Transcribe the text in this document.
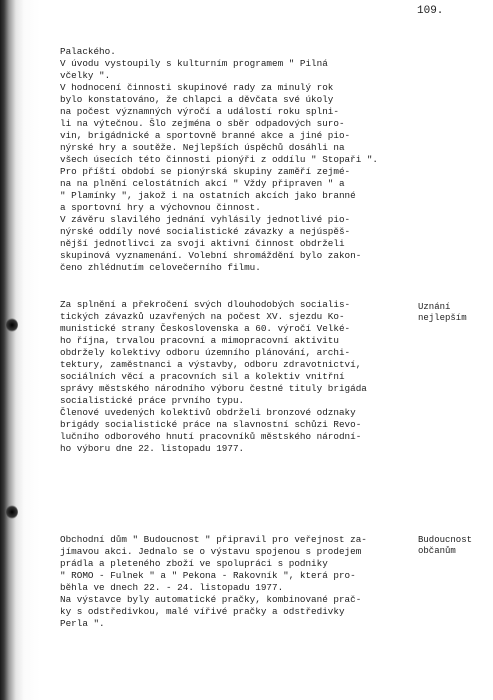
109.
Palackého.
V úvodu vystoupily s kulturním programem " Pilná
včelky ".
V hodnocení činnosti skupinové rady za minulý rok
bylo konstatováno, že chlapci a děvčata své úkoly
na počest významných výročí a událostí roku splni-
li na výtečnou. Šlo zejména o sběr odpadových suro-
vin, brigádnické a sportovně branné akce a jiné pio-
nýrské hry a soutěže. Nejlepších úspěchů dosáhli na
všech úsecích této činnosti pionýři z oddílu " Stopaři ".
Pro příští období se pionýrská skupiny zaměří zejmé-
na na plnění celostátních akcí " Vždy připraven " a
" Plamínky ", jakož i na ostatních akcích jako branné
a sportovní hry a výchovnou činnost.
V závěru slavilého jednání vyhlásily jednotlivé pio-
nýrské oddíly nové socialistické závazky a nejúspěš-
nější jednotlivci za svoji aktivní činnost obdrželi
skupinová vyznamenání. Volební shromáždění bylo zakon-
čeno zhlédnutím celovečerního filmu.
Za splnění a překročení svých dlouhodobých socialis-
tických závazků uzavřených na počest XV. sjezdu Ko-
munistické strany Československa a 60. výročí Velké-
ho října, trvalou pracovní a mimopracovní aktivitu
obdržely kolektivy odboru územního plánování, archi-
tektury, zaměstnanci a výstavby, odboru zdravotnictví,
sociálních věcí a pracovních sil a kolektiv vnitřní
správy městského národního výboru čestné tituly brigáda
socialistické práce prvního typu.
Členové uvedených kolektivů obdrželi bronzové odznaky
brigády socialistické práce na slavnostní schůzi Revo-
lučního odborového hnutí pracovníků městského národní-
ho výboru dne 22. listopadu 1977.
Obchodní dům " Budoucnost " připravil pro veřejnost za-
jímavou akci. Jednalo se o výstavu spojenou s prodejem
prádla a pleteného zboží ve spolupráci s podniky
" ROMO - Fulnek " a " Pekona - Rakovník ", která pro-
běhla ve dnech 22. - 24. listopadu 1977.
Na výstavce byly automatické pračky, kombinované prač-
ky s odstředivkou, malé vířivé pračky a odstředivky
Perla ".
Uznání
nejlepším
Budoucnost
občanům
